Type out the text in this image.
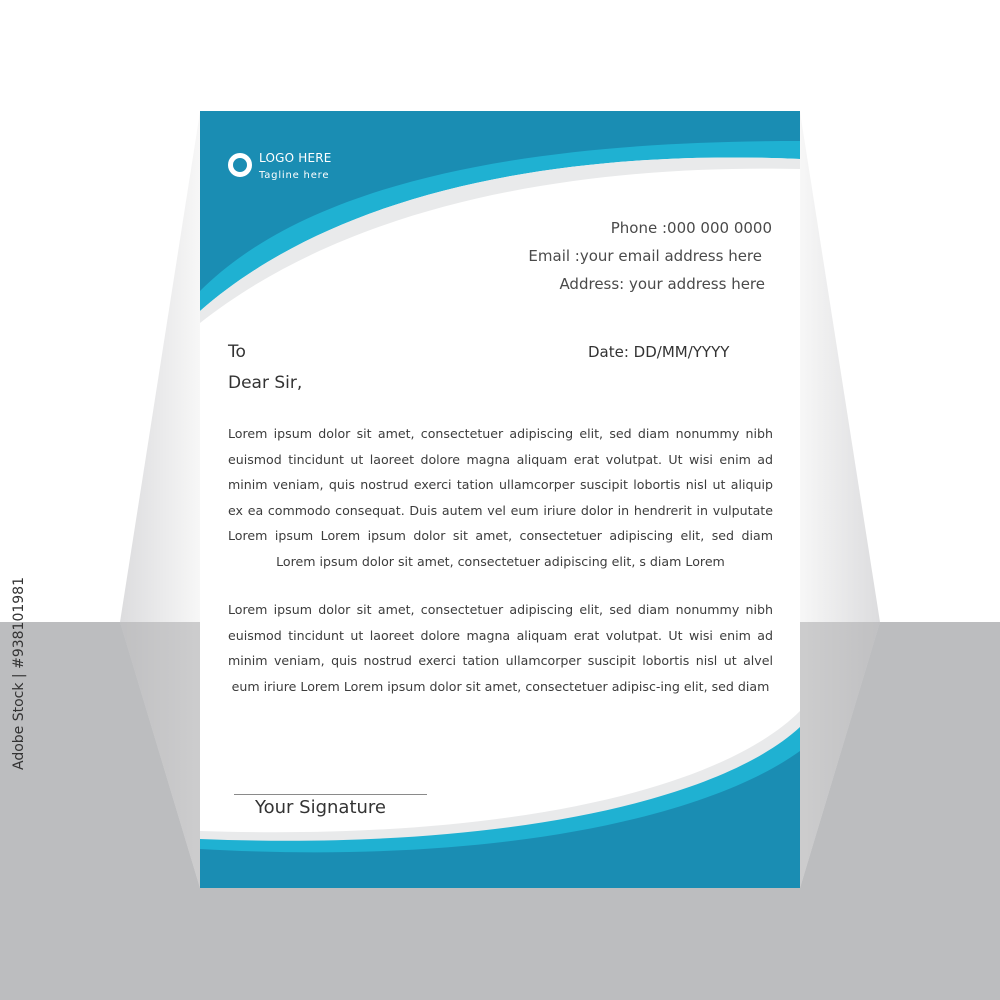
LOGO HERE
Tagline here
Phone :000 000 0000
Email :your email address here
Address: your address here
To	Date: DD/MM/YYYY
Dear Sir,
Lorem ipsum dolor sit amet, consectetuer adipiscing elit, sed diam nonummy nibh euismod tincidunt ut laoreet dolore magna aliquam erat volutpat. Ut wisi enim ad minim veniam, quis nostrud exerci tation ullamcorper suscipit lobortis nisl ut aliquip ex ea commodo consequat. Duis autem vel eum iriure dolor in hendrerit in vulputate Lorem ipsum Lorem ipsum dolor sit amet, consectetuer adipiscing elit, sed diam Lorem ipsum dolor sit amet, consectetuer adipiscing elit, s diam Lorem
Lorem ipsum dolor sit amet, consectetuer adipiscing elit, sed diam nonummy nibh euismod tincidunt ut laoreet dolore magna aliquam erat volutpat. Ut wisi enim ad minim veniam, quis nostrud exerci tation ullamcorper suscipit lobortis nisl ut alvel eum iriure Lorem Lorem ipsum dolor sit amet, consectetuer adipisc-ing elit, sed diam
Your Signature
Adobe Stock | #938101981
